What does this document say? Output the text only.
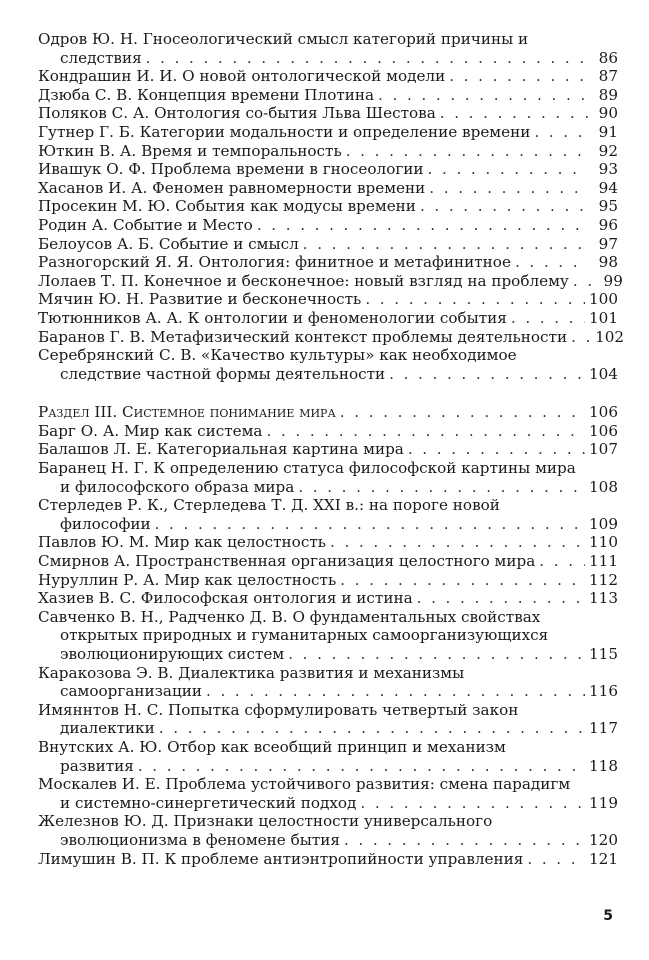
Одров Ю. Н. Гносеологический смысл категорий причины и
следствия . . .	86
Кондрашин И. И. О новой онтологической модели . . .	87
Дзюба С. В. Концепция времени Плотина . . .	89
Поляков С. А. Онтология со-бытия Льва Шестова . . .	90
Гутнер Г. Б. Категории модальности и определение времени . . .	91
Юткин В. А. Время и темпоральность . . .	92
Ивашук О. Ф. Проблема времени в гносеологии . . .	93
Хасанов И. А. Феномен равномерности времени . . .	94
Просекин М. Ю. События как модусы времени . . .	95
Родин А. Событие и Место . . .	96
Белоусов А. Б. Событие и смысл . . .	97
Разногорский Я. Я. Онтология: финитное и метафинитное . . .	98
Лолаев Т. П. Конечное и бесконечное: новый взгляд на проблему . . .	99
Мячин Ю. Н. Развитие и бесконечность . . .	100
Тютюнников А. А. К онтологии и феноменологии события . . .	101
Баранов Г. В. Метафизический контекст проблемы деятельности . . . 102
Серебрянский С. В. «Качество культуры» как необходимое
следствие частной формы деятельности . . .	104
Раздел III. Системное понимание мира . . .	106
Барг О. А. Мир как система . . .	106
Балашов Л. Е. Категориальная картина мира . . .	107
Баранец Н. Г. К определению статуса философской картины мира
и философского образа мира . . .	108
Стерледев Р. К., Стерледева Т. Д. XXI в.: на пороге новой
философии . . .	109
Павлов Ю. М. Мир как целостность . . .	110
Смирнов А. Пространственная организация целостного мира . . .	111
Нуруллин Р. А. Мир как целостность . . .	112
Хазиев В. С. Философская онтология и истина . . .	113
Савченко В. Н., Радченко Д. В. О фундаментальных свойствах
открытых природных и гуманитарных самоорганизующихся
эволюционирующих систем . . .	115
Каракозова Э. В. Диалектика развития и механизмы
самоорганизации . . .	116
Имяннтов Н. С. Попытка сформулировать четвертый закон
диалектики . . .	117
Внутских А. Ю. Отбор как всеобщий принцип и механизм
развития . . .	118
Москалев И. Е. Проблема устойчивого развития: смена парадигм
и системно-синергетический подход . . .	119
Железнов Ю. Д. Признаки целостности универсального
эволюционизма в феномене бытия . . .	120
Лимушин В. П. К проблеме антиэнтропийности управления . . .	121
5
